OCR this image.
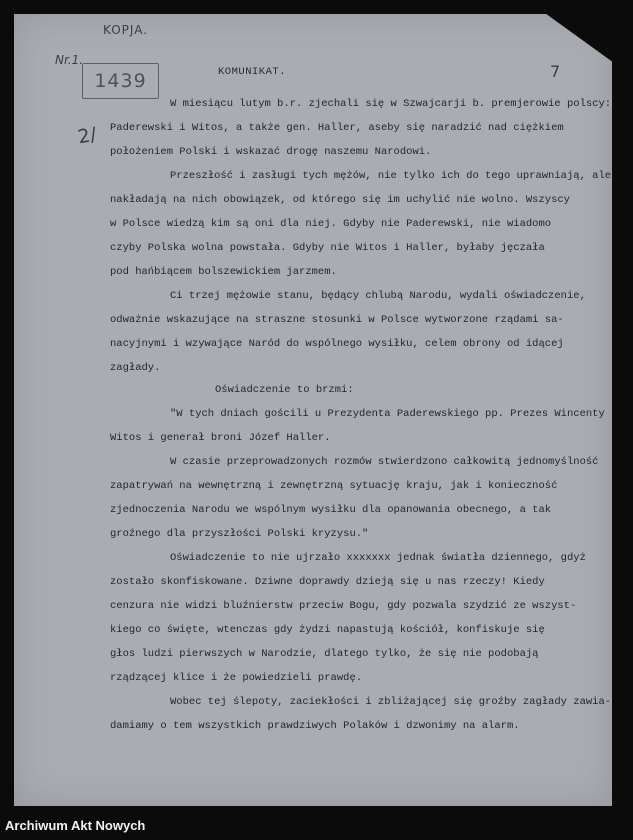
KOPJA.
Nr.1.
1439	7
2/
KOMUNIKAT.
W miesiącu lutym b.r. zjechali się w Szwajcarji b. premjerowie polscy:
Paderewski i Witos, a także gen. Haller, aseby się naradzić nad ciężkiem
położeniem Polski i wskazać drogę naszemu Narodowi.
Przeszłość i zasługi tych mężów, nie tylko ich do tego uprawniają, ale
nakładają na nich obowiązek, od którego się im uchylić nie wolno. Wszyscy
w Polsce wiedzą kim są oni dla niej. Gdyby nie Paderewski, nie wiadomo
czyby Polska wolna powstała. Gdyby nie Witos i Haller, byłaby jęczała
pod hańbiącem bolszewickiem jarzmem.
Ci trzej mężowie stanu, będący chlubą Narodu, wydali oświadczenie,
odważnie wskazujące na straszne stosunki w Polsce wytworzone rządami sa-
nacyjnymi i wzywające Naród do wspólnego wysiłku, celem obrony od idącej
zagłady.
Oświadczenie to brzmi:
"W tych dniach gościli u Prezydenta Paderewskiego pp. Prezes Wincenty
Witos i generał broni Józef Haller.
W czasie przeprowadzonych rozmów stwierdzono całkowitą jednomyślność
zapatrywań na wewnętrzną i zewnętrzną sytuację kraju, jak i konieczność
zjednoczenia Narodu we wspólnym wysiłku dla opanowania obecnego, a tak
groźnego dla przyszłości Polski kryzysu."
Oświadczenie to nie ujrzało xxxxxxx jednak światła dziennego, gdyż
zostało skonfiskowane. Dziwne doprawdy dzieją się u nas rzeczy! Kiedy
cenzura nie widzi bluźnierstw przeciw Bogu, gdy pozwala szydzić ze wszyst-
kiego co święte, wtenczas gdy żydzi napastują kościół, konfiskuje się
głos ludzi pierwszych w Narodzie, dlatego tylko, że się nie podobają
rządzącej klice i że powiedzieli prawdę.
Wobec tej ślepoty, zaciekłości i zbliżającej się groźby zagłady zawia-
damiamy o tem wszystkich prawdziwych Polaków i dzwonimy na alarm.
Archiwum Akt Nowych
